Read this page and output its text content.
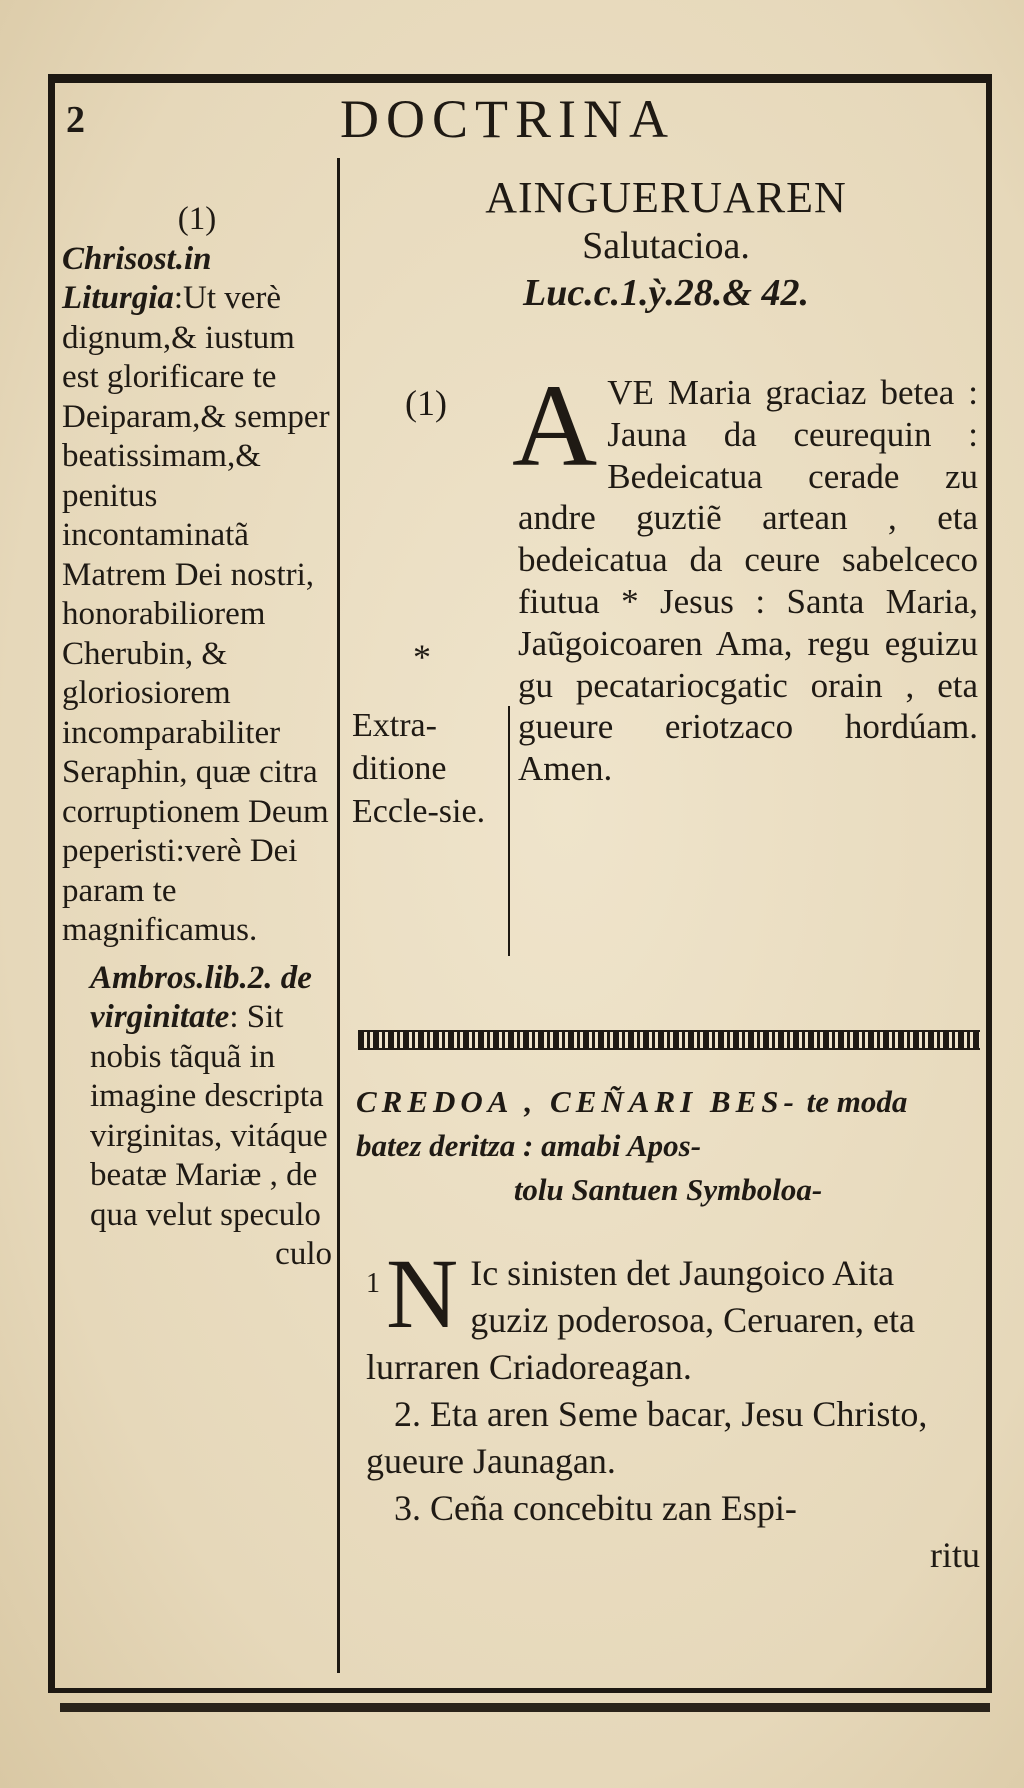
2	DOCTRINA
(1)
Chrisost.in Liturgia:Ut verè dignum,& iustum est glorificare te Deiparam,& semper beatissimam,& penitus incontaminatã Matrem Dei nostri, honorabiliorem Cherubin, & gloriosiorem incomparabiliter Seraphin, quæ citra corruptionem Deum peperisti:verè Dei param te magnificamus.
Ambros.lib.2. de virginitate: Sit nobis tãquã in imagine descripta virginitas, vitáque beatæ Mariæ , de qua velut speculo
culo
AINGUERUAREN
Salutacioa.
Luc.c.1.ỳ.28.& 42.
(1) A VE Maria graciaz betea : Jauna da ceurequin : Bedeicatua cerade zu andre guztiẽ artean , eta bedeicatua da ceure sabelceco fiutua * Jesus : Santa Maria, Jaũgoicoaren Ama, regu eguizu gu pecatariocgatic orain , eta gueure eriotzaco hordúam. Amen.
*
Extra-ditione Eccle-sie.
CREDOA , CEÑARI BES- te moda batez deritza : amabi Apos-
tolu Santuen Symboloa-
1 N Ic sinisten det Jaungoico Aita guziz poderosoa, Ceruaren, eta lurraren Criadoreagan.
2. Eta aren Seme bacar, Jesu Christo, gueure Jaunagan.
3. Ceña concebitu zan Espi-
ritu
